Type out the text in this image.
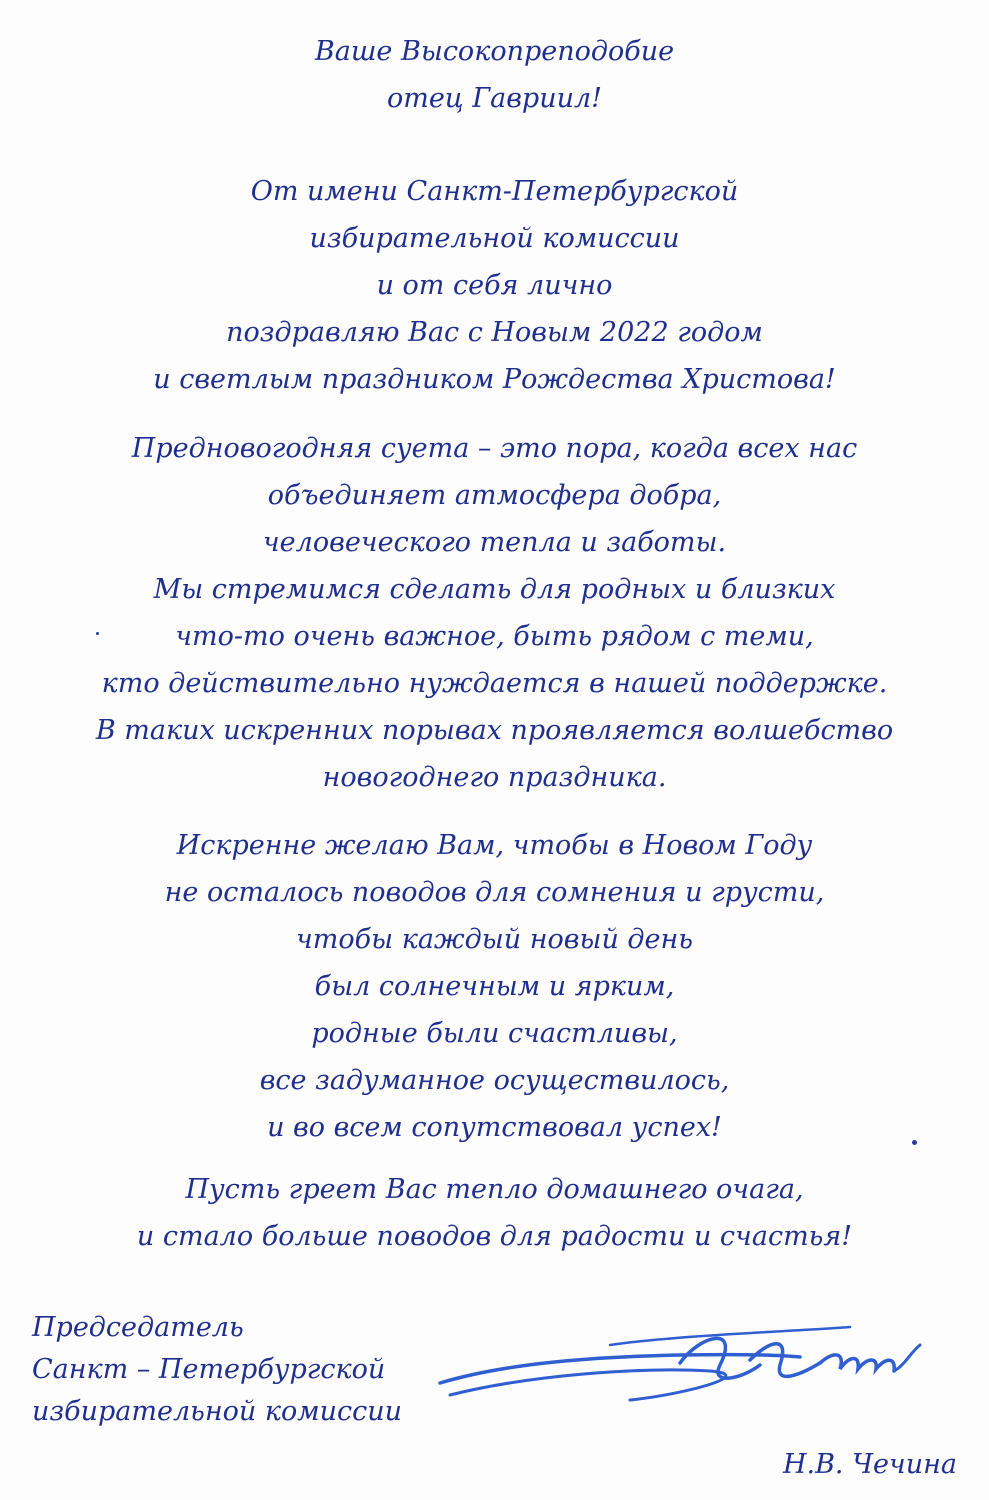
Ваше Высокопреподобие
отец Гавриил!
От имени Санкт-Петербургской
избирательной комиссии
и от себя лично
поздравляю Вас с Новым 2022 годом
и светлым праздником Рождества Христова!
Предновогодняя суета – это пора, когда всех нас
объединяет атмосфера добра,
человеческого тепла и заботы.
Мы стремимся сделать для родных и близких
что-то очень важное, быть рядом с теми,
кто действительно нуждается в нашей поддержке.
В таких искренних порывах проявляется волшебство
новогоднего праздника.
Искренне желаю Вам, чтобы в Новом Году
не осталось поводов для сомнения и грусти,
чтобы каждый новый день
был солнечным и ярким,
родные были счастливы,
все задуманное осуществилось,
и во всем сопутствовал успех!
Пусть греет Вас тепло домашнего очага,
и стало больше поводов для радости и счастья!
Председатель
Санкт – Петербургской
избирательной комиссии
Н.В. Чечина
